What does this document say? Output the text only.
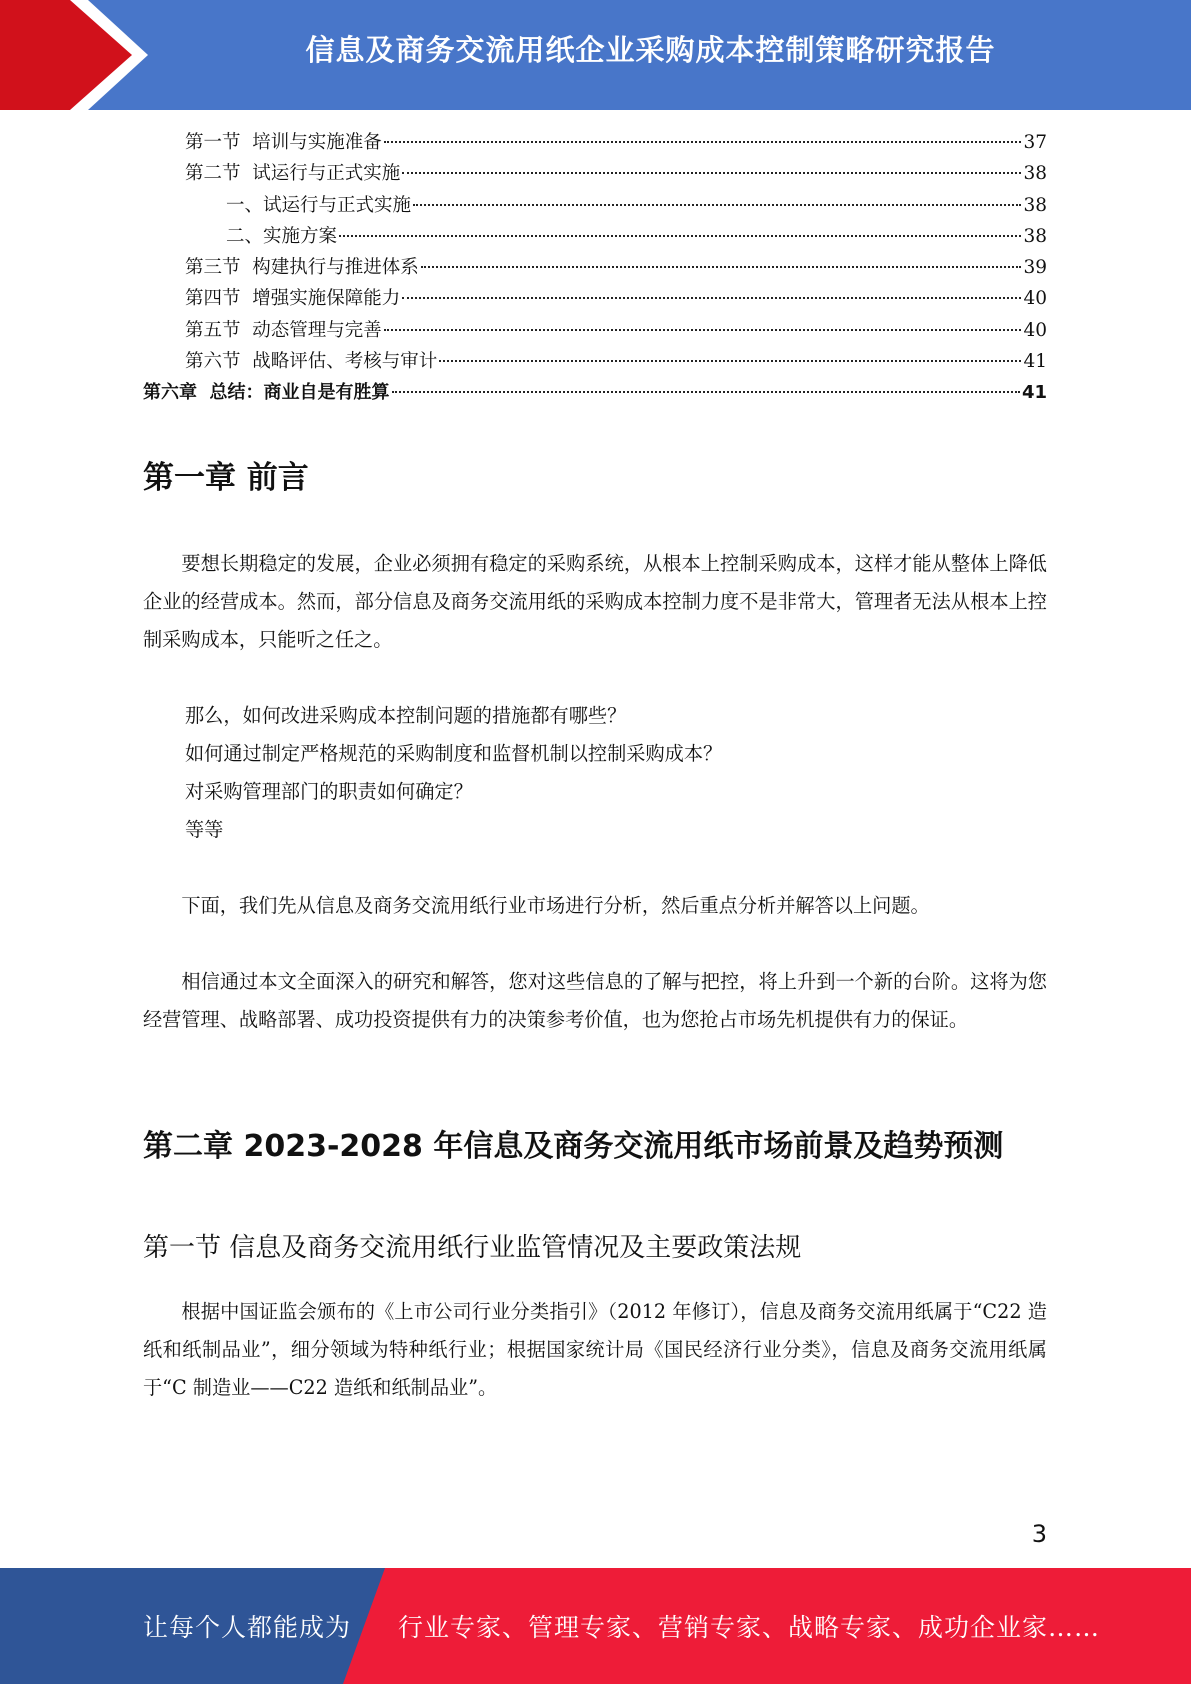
信息及商务交流用纸企业采购成本控制策略研究报告
第一节  培训与实施准备	37
第二节  试运行与正式实施	38
一、试运行与正式实施	38
二、实施方案	38
第三节  构建执行与推进体系	39
第四节  增强实施保障能力	40
第五节  动态管理与完善	40
第六节  战略评估、考核与审计	41
第六章  总结：商业自是有胜算	41
第一章 前言

要想长期稳定的发展，企业必须拥有稳定的采购系统，从根本上控制采购成本，这样才能从整体上降低企业的经营成本。然而，部分信息及商务交流用纸的采购成本控制力度不是非常大，管理者无法从根本上控制采购成本，只能听之任之。

那么，如何改进采购成本控制问题的措施都有哪些？
如何通过制定严格规范的采购制度和监督机制以控制采购成本？
对采购管理部门的职责如何确定？
等等

下面，我们先从信息及商务交流用纸行业市场进行分析，然后重点分析并解答以上问题。

相信通过本文全面深入的研究和解答，您对这些信息的了解与把控，将上升到一个新的台阶。这将为您经营管理、战略部署、成功投资提供有力的决策参考价值，也为您抢占市场先机提供有力的保证。

第二章 2023-2028 年信息及商务交流用纸市场前景及趋势预测
第一节 信息及商务交流用纸行业监管情况及主要政策法规

根据中国证监会颁布的《上市公司行业分类指引》（2012 年修订），信息及商务交流用纸属于“C22 造纸和纸制品业”，细分领域为特种纸行业；根据国家统计局《国民经济行业分类》，信息及商务交流用纸属于“C 制造业——C22 造纸和纸制品业”。

3
让每个人都能成为 行业专家、管理专家、营销专家、战略专家、成功企业家……
